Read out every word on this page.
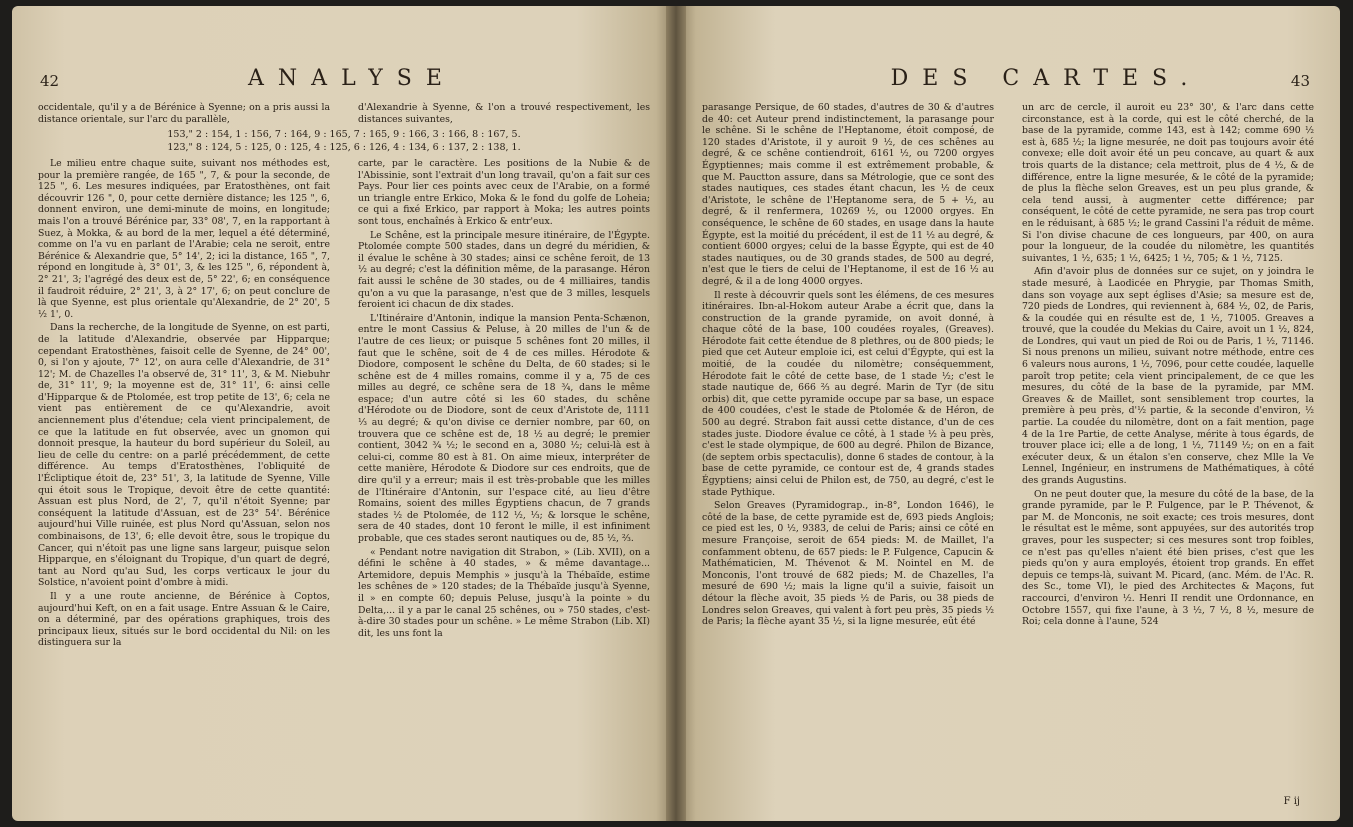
42	ANALYSE

occidentale, qu'il y a de Bérénice à Syenne; on a pris aussi la distance orientale, sur l'arc du parallèle,

d'Alexandrie à Syenne, & l'on a trouvé respectivement, les distances suivantes,

153," 2 : 154, 1 : 156, 7 : 164, 9 : 165, 7 : 165, 9 : 166, 3 : 166, 8 : 167, 5.
123," 8 : 124, 5 : 125, 0 : 125, 4 : 125, 6 : 126, 4 : 134, 6 : 137, 2 : 138, 1.

Le milieu entre chaque suite, suivant nos méthodes est, pour la première rangée, de 165 ", 7, & pour la seconde, de 125 ", 6. Les mesures indiquées, par Eratosthènes, ont fait découvrir 126 ", 0, pour cette dernière distance; les 125 ", 6, donnent environ, une demi-minute de moins, en longitude; mais l'on a trouvé Bérénice par, 33° 08', 7, en la rapportant à Suez, à Mokka, & au bord de la mer, lequel a été déterminé, comme on l'a vu en parlant de l'Arabie; cela ne seroit, entre Bérénice & Alexandrie que, 5° 14', 2; ici la distance, 165 ", 7, répond en longitude à, 3° 01', 3, & les 125 ", 6, répondent à, 2° 21', 3; l'agrégé des deux est de, 5° 22', 6; en conséquence il faudroit réduire, 2° 21', 3, à 2° 17', 6; on peut conclure de là que Syenne, est plus orientale qu'Alexandrie, de 2° 20', 5 ½ 1', 0.

Dans la recherche, de la longitude de Syenne, on est parti, de la latitude d'Alexandrie, observée par Hipparque; cependant Eratosthènes, faisoit celle de Syenne, de 24° 00', 0, si l'on y ajoute, 7° 12', on aura celle d'Alexandrie, de 31° 12'; M. de Chazelles l'a observé de, 31° 11', 3, & M. Niebuhr de, 31° 11', 9; la moyenne est de, 31° 11', 6: ainsi celle d'Hipparque & de Ptolomée, est trop petite de 13', 6; cela ne vient pas entièrement de ce qu'Alexandrie, avoit anciennement plus d'étendue; cela vient principalement, de ce que la latitude en fut observée, avec un gnomon qui donnoit presque, la hauteur du bord supérieur du Soleil, au lieu de celle du centre: on a parlé précédemment, de cette différence. Au temps d'Eratosthènes, l'obliquité de l'Écliptique étoit de, 23° 51', 3, la latitude de Syenne, Ville qui étoit sous le Tropique, devoit être de cette quantité: Assuan est plus Nord, de 2', 7, qu'il n'étoit Syenne; par conséquent la latitude d'Assuan, est de 23° 54'. Bérénice aujourd'hui Ville ruinée, est plus Nord qu'Assuan, selon nos combinaisons, de 13', 6; elle devoit être, sous le tropique du Cancer, qui n'étoit pas une ligne sans largeur, puisque selon Hipparque, en s'éloignant du Tropique, d'un quart de degré, tant au Nord qu'au Sud, les corps verticaux le jour du Solstice, n'avoient point d'ombre à midi.

Il y a une route ancienne, de Bérénice à Coptos, aujourd'hui Keft, on en a fait usage. Entre Assuan & le Caire, on a déterminé, par des opérations graphiques, trois des principaux lieux, situés sur le bord occidental du Nil: on les distinguera sur la

carte, par le caractère. Les positions de la Nubie & de l'Abissinie, sont l'extrait d'un long travail, qu'on a fait sur ces Pays. Pour lier ces points avec ceux de l'Arabie, on a formé un triangle entre Erkico, Moka & le fond du golfe de Loheia; ce qui a fixé Erkico, par rapport à Moka; les autres points sont tous, enchaînés à Erkico & entr'eux.

Le Schêne, est la principale mesure itinéraire, de l'Égypte. Ptolomée compte 500 stades, dans un degré du méridien, & il évalue le schêne à 30 stades; ainsi ce schêne feroit, de 13 ½ au degré; c'est la définition même, de la parasange. Héron fait aussi le schêne de 30 stades, ou de 4 milliaires, tandis qu'on a vu que la parasange, n'est que de 3 milles, lesquels feroient ici chacun de dix stades.

L'Itinéraire d'Antonin, indique la mansion Penta-Schænon, entre le mont Cassius & Peluse, à 20 milles de l'un & de l'autre de ces lieux; or puisque 5 schênes font 20 milles, il faut que le schêne, soit de 4 de ces milles. Hérodote & Diodore, composent le schêne du Delta, de 60 stades; si le schêne est de 4 milles romains, comme il y a, 75 de ces milles au degré, ce schêne sera de 18 ¾, dans le même espace; d'un autre côté si les 60 stades, du schêne d'Hérodote ou de Diodore, sont de ceux d'Aristote de, 1111 ⅓ au degré; & qu'on divise ce dernier nombre, par 60, on trouvera que ce schêne est de, 18 ½ au degré; le premier contient, 3042 ¾ ½; le second en a, 3080 ½; celui-là est à celui-ci, comme 80 est à 81. On aime mieux, interpréter de cette manière, Hérodote & Diodore sur ces endroits, que de dire qu'il y a erreur; mais il est très-probable que les milles de l'Itinéraire d'Antonin, sur l'espace cité, au lieu d'être Romains, soient des milles Égyptiens chacun, de 7 grands stades ½ de Ptolomée, de 112 ½, ⅓; & lorsque le schêne, sera de 40 stades, dont 10 feront le mille, il est infiniment probable, que ces stades seront nautiques ou de, 85 ½, ⅔.

« Pendant notre navigation dit Strabon, » (Lib. XVII), on a défini le schêne à 40 stades, » & même davantage... Artemidore, depuis Memphis » jusqu'à la Thébaïde, estime les schênes de » 120 stades; de la Thébaïde jusqu'à Syenne, il » en compte 60; depuis Peluse, jusqu'à la pointe » du Delta,... il y a par le canal 25 schênes, ou » 750 stades, c'est-à-dire 30 stades pour un schêne. » Le même Strabon (Lib. XI) dit, les uns font la

DES CARTES.	43

parasange Persique, de 60 stades, d'autres de 30 & d'autres de 40: cet Auteur prend indistinctement, la parasange pour le schêne. Si le schêne de l'Heptanome, étoit composé, de 120 stades d'Aristote, il y auroit 9 ½, de ces schênes au degré, & ce schêne contiendroit, 6161 ½, ou 7200 orgyes Égyptiennes; mais comme il est extrêmement probable, & que M. Pauctton assure, dans sa Métrologie, que ce sont des stades nautiques, ces stades étant chacun, les ½ de ceux d'Aristote, le schêne de l'Heptanome sera, de 5 + ½, au degré, & il renfermera, 10269 ½, ou 12000 orgyes. En conséquence, le schêne de 60 stades, en usage dans la haute Égypte, est la moitié du précédent, il est de 11 ½ au degré, & contient 6000 orgyes; celui de la basse Égypte, qui est de 40 stades nautiques, ou de 30 grands stades, de 500 au degré, n'est que le tiers de celui de l'Heptanome, il est de 16 ½ au degré, & il a de long 4000 orgyes.

Il reste à découvrir quels sont les élémens, de ces mesures itinéraires. Ibn-al-Hokom auteur Arabe a écrit que, dans la construction de la grande pyramide, on avoit donné, à chaque côté de la base, 100 coudées royales, (Greaves). Hérodote fait cette étendue de 8 plethres, ou de 800 pieds; le pied que cet Auteur emploie ici, est celui d'Égypte, qui est la moitié, de la coudée du nilomètre; conséquemment, Hérodote fait le côté de cette base, de 1 stade ½; c'est le stade nautique de, 666 ⅔ au degré. Marin de Tyr (de situ orbis) dit, que cette pyramide occupe par sa base, un espace de 400 coudées, c'est le stade de Ptolomée & de Héron, de 500 au degré. Strabon fait aussi cette distance, d'un de ces stades juste. Diodore évalue ce côté, à 1 stade ½ à peu près, c'est le stade olympique, de 600 au degré. Philon de Bizance, (de septem orbis spectaculis), donne 6 stades de contour, à la base de cette pyramide, ce contour est de, 4 grands stades Égyptiens; ainsi celui de Philon est, de 750, au degré, c'est le stade Pythique.

Selon Greaves (Pyramidograp., in-8°, London 1646), le côté de la base, de cette pyramide est de, 693 pieds Anglois; ce pied est les, 0 ½, 9383, de celui de Paris; ainsi ce côté en mesure Françoise, seroit de 654 pieds: M. de Maillet, l'a confamment obtenu, de 657 pieds: le P. Fulgence, Capucin & Mathématicien, M. Thévenot & M. Nointel en M. de Monconis, l'ont trouvé de 682 pieds; M. de Chazelles, l'a mesuré de 690 ½; mais la ligne qu'il a suivie, faisoit un détour la flèche avoit, 35 pieds ½ de Paris, ou 38 pieds de Londres selon Greaves, qui valent à fort peu près, 35 pieds ½ de Paris; la flèche ayant 35 ½, si la ligne mesurée, eût été

un arc de cercle, il auroit eu 23° 30', & l'arc dans cette circonstance, est à la corde, qui est le côté cherché, de la base de la pyramide, comme 143, est à 142; comme 690 ½ est à, 685 ½; la ligne mesurée, ne doit pas toujours avoir été convexe; elle doit avoir été un peu concave, au quart & aux trois quarts de la distance; cela mettroit, plus de 4 ½, & de différence, entre la ligne mesurée, & le côté de la pyramide; de plus la flèche selon Greaves, est un peu plus grande, & cela tend aussi, à augmenter cette différence; par conséquent, le côté de cette pyramide, ne sera pas trop court en le réduisant, à 685 ½; le grand Cassini l'a réduit de même. Si l'on divise chacune de ces longueurs, par 400, on aura pour la longueur, de la coudée du nilomètre, les quantités suivantes, 1 ½, 635; 1 ½, 6425; 1 ½, 705; & 1 ½, 7125.

Afin d'avoir plus de données sur ce sujet, on y joindra le stade mesuré, à Laodicée en Phrygie, par Thomas Smith, dans son voyage aux sept églises d'Asie; sa mesure est de, 720 pieds de Londres, qui reviennent à, 684 ½, 02, de Paris, & la coudée qui en résulte est de, 1 ½, 71005. Greaves a trouvé, que la coudée du Mekias du Caire, avoit un 1 ½, 824, de Londres, qui vaut un pied de Roi ou de Paris, 1 ½, 71146. Si nous prenons un milieu, suivant notre méthode, entre ces 6 valeurs nous aurons, 1 ½, 7096, pour cette coudée, laquelle paroît trop petite; cela vient principalement, de ce que les mesures, du côté de la base de la pyramide, par MM. Greaves & de Maillet, sont sensiblement trop courtes, la première à peu près, d'½ partie, & la seconde d'environ, ½ partie. La coudée du nilomètre, dont on a fait mention, page 4 de la 1re Partie, de cette Analyse, mérite à tous égards, de trouver place ici; elle a de long, 1 ½, 71149 ½; on en a fait exécuter deux, & un étalon s'en conserve, chez Mlle la Ve Lennel, Ingénieur, en instrumens de Mathématiques, à côté des grands Augustins.

On ne peut douter que, la mesure du côté de la base, de la grande pyramide, par le P. Fulgence, par le P. Thévenot, & par M. de Monconis, ne soit exacte; ces trois mesures, dont le résultat est le même, sont appuyées, sur des autorités trop graves, pour les suspecter; si ces mesures sont trop foibles, ce n'est pas qu'elles n'aient été bien prises, c'est que les pieds qu'on y aura employés, étoient trop grands. En effet depuis ce temps-là, suivant M. Picard, (anc. Mém. de l'Ac. R. des Sc., tome VI), le pied des Architectes & Maçons, fut raccourci, d'environ ½. Henri II rendit une Ordonnance, en Octobre 1557, qui fixe l'aune, à 3 ½, 7 ½, 8 ½, mesure de Roi; cela donne à l'aune, 524

F ij
